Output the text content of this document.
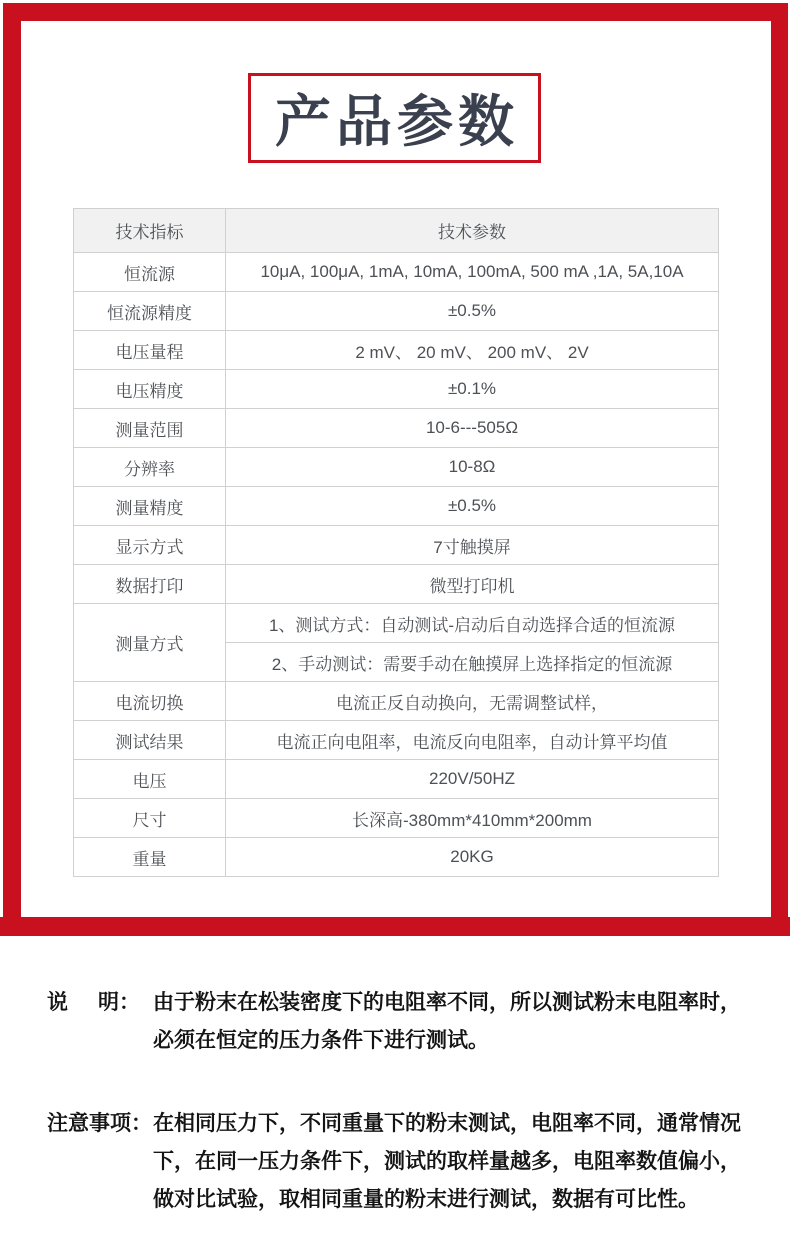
产品参数
技术指标	技术参数
恒流源	10μA, 100μA, 1mA, 10mA, 100mA, 500 mA ,1A, 5A,10A
恒流源精度	±0.5%
电压量程	2 mV、 20 mV、 200 mV、 2V
电压精度	±0.1%
测量范围	10-6---505Ω
分辨率	10-8Ω
测量精度	±0.5%
显示方式	7寸触摸屏
数据打印	微型打印机
测量方式	1、测试方式：自动测试-启动后自动选择合适的恒流源
	2、手动测试：需要手动在触摸屏上选择指定的恒流源
电流切换	电流正反自动换向，无需调整试样，
测试结果	电流正向电阻率，电流反向电阻率，自动计算平均值
电压	220V/50HZ
尺寸	长深高-380mm*410mm*200mm
重量	20KG
说 明： 由于粉末在松装密度下的电阻率不同，所以测试粉末电阻率时，
必须在恒定的压力条件下进行测试。
注意事项： 在相同压力下，不同重量下的粉末测试，电阻率不同，通常情况
下，在同一压力条件下，测试的取样量越多，电阻率数值偏小，
做对比试验，取相同重量的粉末进行测试，数据有可比性。
